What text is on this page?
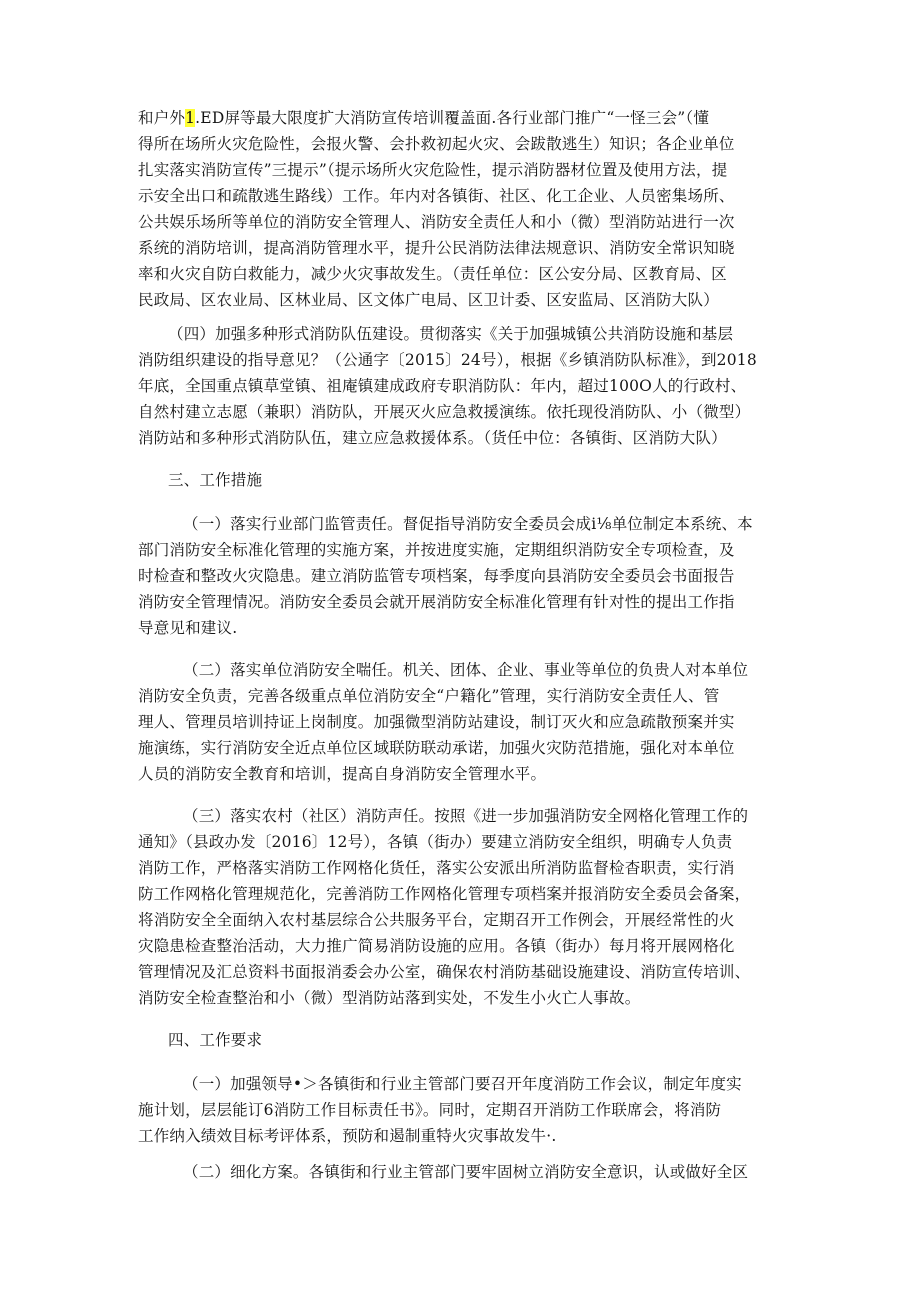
和户外1.ED屏等最大限度扩大消防宣传培训覆盖面.各行业部门推广“一怪三会”（懂
得所在场所火灾危险性，会报火警、会扑救初起火灾、会跋散逃生）知识；各企业单位
扎实落实消防宣传”三提示”（提示场所火灾危险性，提示消防器材位置及使用方法，提
示安全出口和疏散逃生路线）工作。年内对各镇街、社区、化工企业、人员密集场所、
公共娱乐场所等单位的消防安全管理人、消防安全责任人和小（微）型消防站进行一次
系统的消防培训，提高消防管理水平，提升公民消防法律法规意识、消防安全常识知晓
率和火灾自防白救能力，减少火灾事故发生。（责任单位：区公安分局、区教育局、区
民政局、区农业局、区林业局、区文体广电局、区卫计委、区安监局、区消防大队）
（四）加强多种形式消防队伍建设。贯彻落实《关于加强城镇公共消防设施和基层
消防组织建设的指导意见？（公通字〔2015〕24号），根据《乡镇消防队标准》，到2018
年底，全国重点镇草堂镇、祖庵镇建成政府专职消防队：年内，超过100O人的行政村、
自然村建立志愿（兼职）消防队，开展灭火应急救援演练。依托现役消防队、小（微型）
消防站和多种形式消防队伍，建立应急救援体系。（货任中位：各镇街、区消防大队）
三、工作措施
（一）落实行业部门监管责任。督促指导消防安全委员会成i⅛单位制定本系统、本
部门消防安全标准化管理的实施方案，并按进度实施，定期组织消防安全专项检查，及
时检查和整改火灾隐患。建立消防监管专项档案，每季度向县消防安全委员会书面报告
消防安全管理情况。消防安全委员会就开展消防安全标准化管理有针对性的提出工作指
导意见和建议.
（二）落实单位消防安全喘任。机关、团体、企业、事业等单位的负贵人对本单位
消防安全负责，完善各级重点单位消防安全“户籍化”管理，实行消防安全责任人、管
理人、管理员培训持证上岗制度。加强微型消防站建设，制订灭火和应急疏散预案并实
施演练，实行消防安全近点单位区域联防联动承诺，加强火灾防范措施，强化对本单位
人员的消防安全教育和培训，提高自身消防安全管理水平。
（三）落实农村（社区）消防声任。按照《进一步加强消防安全网格化管理工作的
通知》（县政办发〔2016〕12号），各镇（街办）要建立消防安全组织，明确专人负责
消防工作，严格落实消防工作网格化货任，落实公安派出所消防监督检杳职责，实行消
防工作网格化管理规范化，完善消防工作网格化管理专项档案并报消防安全委员会备案，
将消防安全全面纳入农村基层综合公共服务平台，定期召开工作例会，开展经常性的火
灾隐患检查整治活动，大力推广简易消防设施的应用。各镇（街办）每月将开展网格化
管理情况及汇总资料书面报消委会办公室，确保农村消防基础设施建设、消防宣传培训、
消防安全检查整治和小（微）型消防站落到实处，不发生小火亡人事故。
四、工作要求
（一）加强领导•＞各镇街和行业主管部门要召开年度消防工作会议，制定年度实
施计划，层层能订6消防工作目标责任书》。同时，定期召开消防工作联席会，将消防
工作纳入绩效目标考评体系，预防和遏制重特火灾事故发牛·.
（二）细化方案。各镇街和行业主管部门要牢固树立消防安全意识，认或做好全区
